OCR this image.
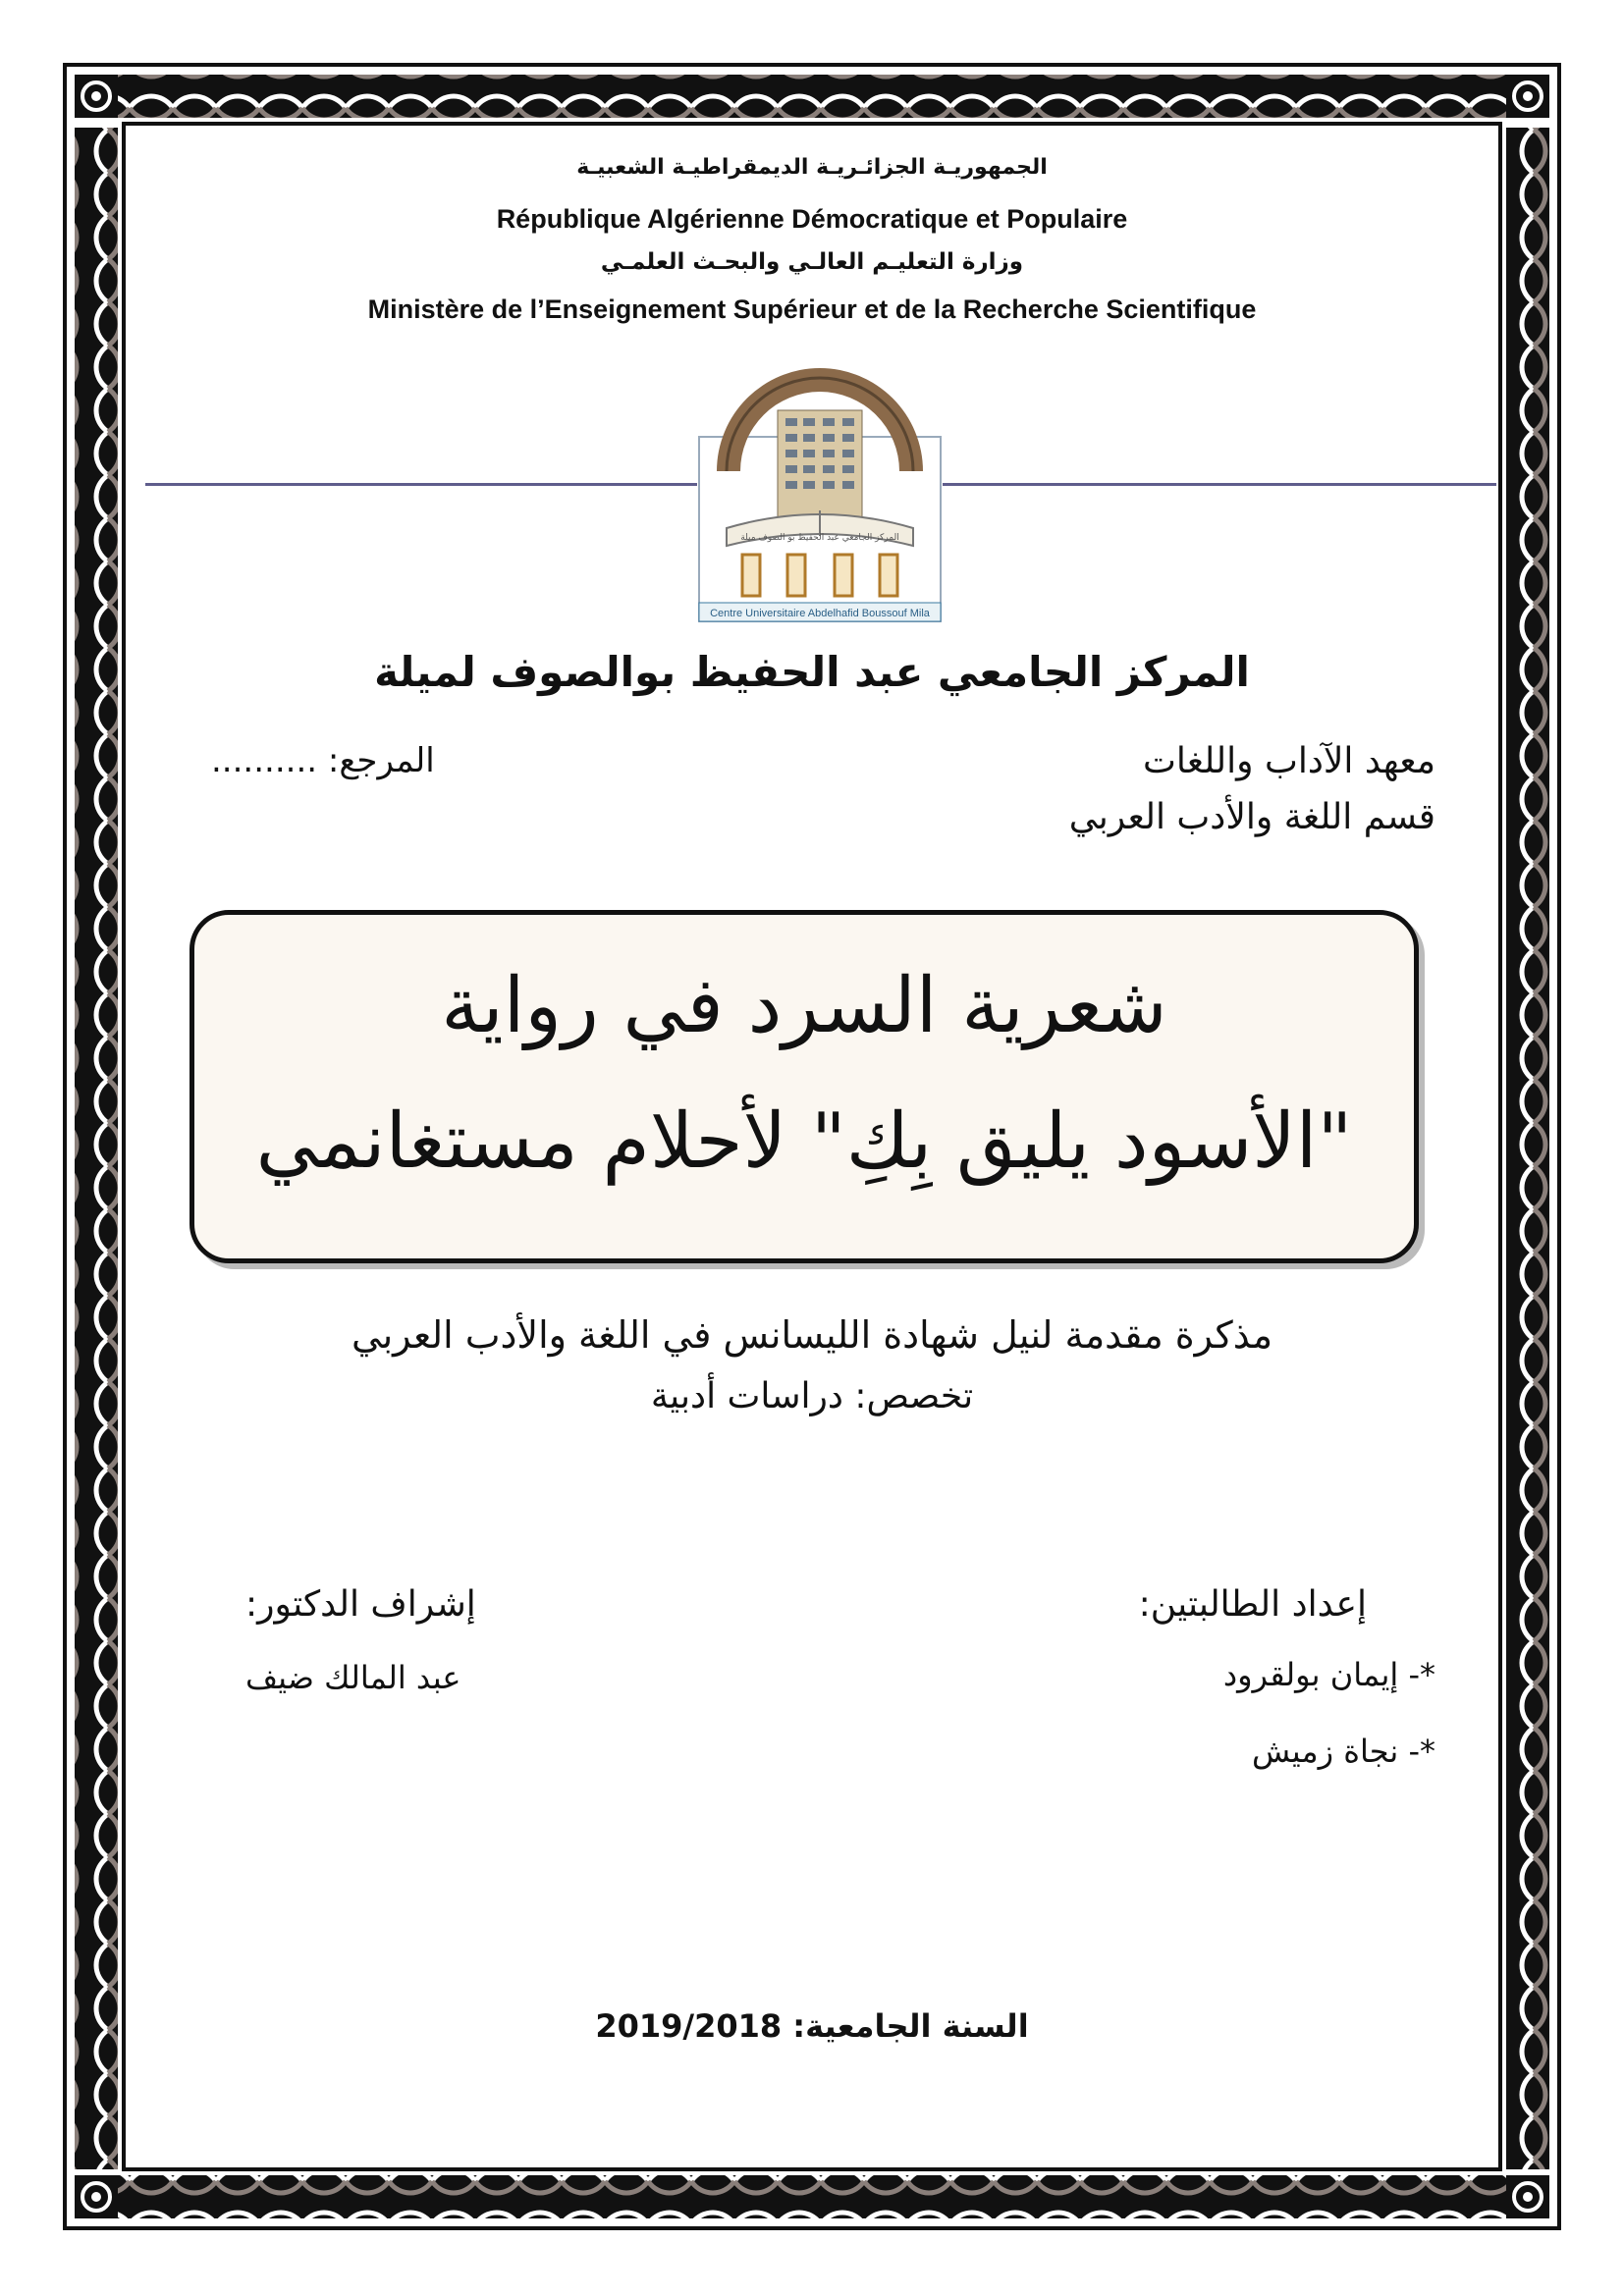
الجمهوريـة الجزائـريـة الديمقراطيـة الشعبيـة
République Algérienne Démocratique et Populaire
وزارة التعليـم العالـي والبحـث العلمـي
Ministère de l’Enseignement Supérieur et de la Recherche Scientifique
Centre Universitaire Abdelhafid Boussouf Mila
المركز الجامعي عبد الحفيظ بو الصوف ميلة
المركز الجامعي عبد الحفيظ بوالصوف لميلة
معهد الآداب واللغات
قسم اللغة والأدب العربي
المرجع: ..........
شعرية السرد في رواية
"الأسود يليق بِكِ" لأحلام مستغانمي
مذكرة مقدمة لنيل شهادة الليسانس في اللغة والأدب العربي
تخصص: دراسات أدبية
إعداد الطالبتين:
إشراف الدكتور:
*- إيمان بولقرود
*- نجاة زميش
عبد المالك ضيف
السنة الجامعية: 2019/2018
